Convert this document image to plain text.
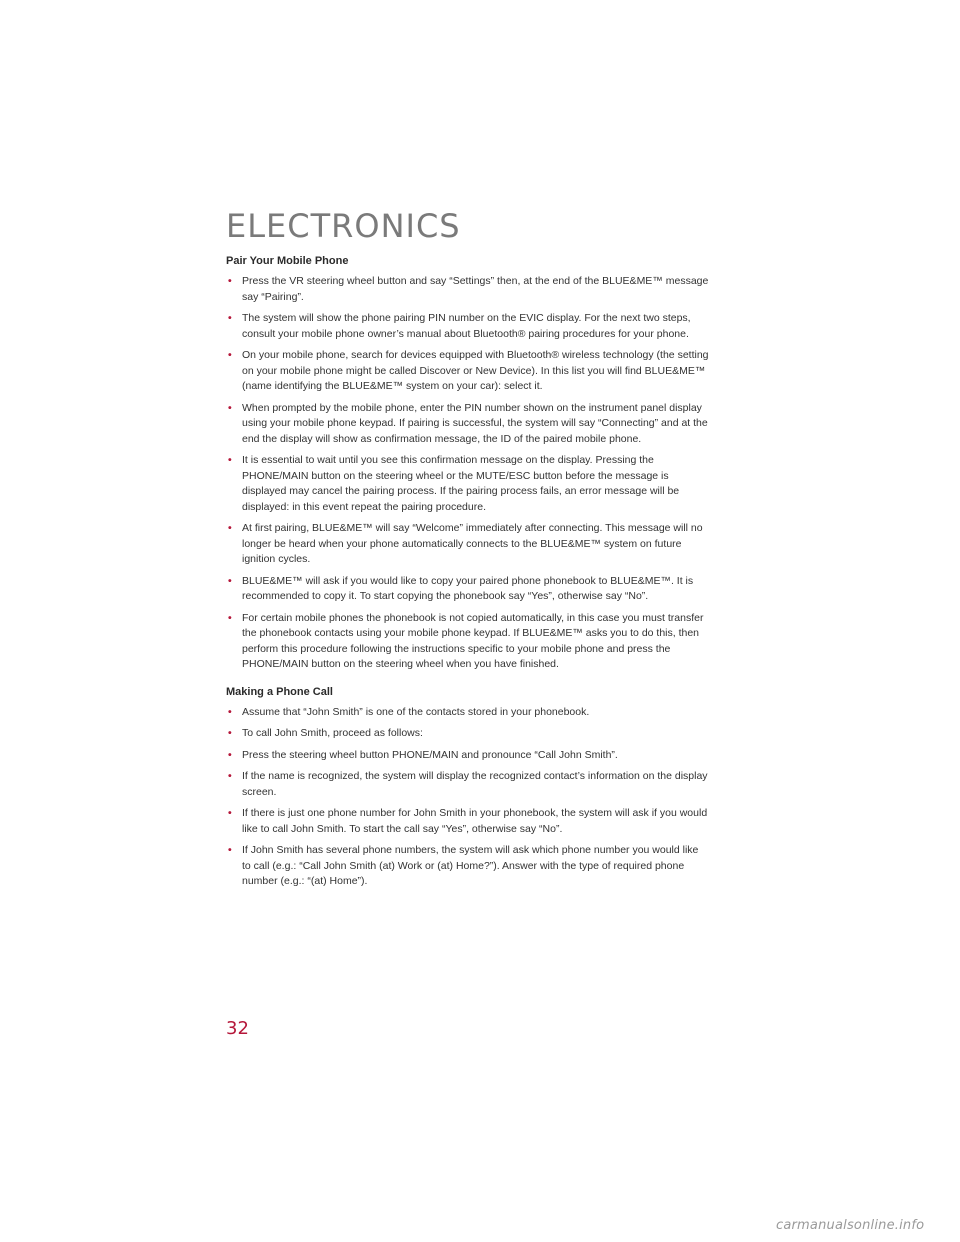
ELECTRONICS
Pair Your Mobile Phone
• Press the VR steering wheel button and say “Settings” then, at the end of the BLUE&ME™ message say “Pairing”.
• The system will show the phone pairing PIN number on the EVIC display. For the next two steps, consult your mobile phone owner’s manual about Bluetooth® pairing procedures for your phone.
• On your mobile phone, search for devices equipped with Bluetooth® wireless technology (the setting on your mobile phone might be called Discover or New Device). In this list you will find BLUE&ME™ (name identifying the BLUE&ME™ system on your car): select it.
• When prompted by the mobile phone, enter the PIN number shown on the instrument panel display using your mobile phone keypad. If pairing is successful, the system will say “Connecting” and at the end the display will show as confirmation message, the ID of the paired mobile phone.
• It is essential to wait until you see this confirmation message on the display. Pressing the PHONE/MAIN button on the steering wheel or the MUTE/ESC button before the message is displayed may cancel the pairing process. If the pairing process fails, an error message will be displayed: in this event repeat the pairing procedure.
• At first pairing, BLUE&ME™ will say “Welcome” immediately after connecting. This message will no longer be heard when your phone automatically connects to the BLUE&ME™ system on future ignition cycles.
• BLUE&ME™ will ask if you would like to copy your paired phone phonebook to BLUE&ME™. It is recommended to copy it. To start copying the phonebook say “Yes”, otherwise say “No”.
• For certain mobile phones the phonebook is not copied automatically, in this case you must transfer the phonebook contacts using your mobile phone keypad. If BLUE&ME™ asks you to do this, then perform this procedure following the instructions specific to your mobile phone and press the PHONE/MAIN button on the steering wheel when you have finished.
Making a Phone Call
• Assume that “John Smith” is one of the contacts stored in your phonebook.
• To call John Smith, proceed as follows:
• Press the steering wheel button PHONE/MAIN and pronounce “Call John Smith”.
• If the name is recognized, the system will display the recognized contact’s information on the display screen.
• If there is just one phone number for John Smith in your phonebook, the system will ask if you would like to call John Smith. To start the call say “Yes”, otherwise say “No”.
• If John Smith has several phone numbers, the system will ask which phone number you would like to call (e.g.: “Call John Smith (at) Work or (at) Home?”). Answer with the type of required phone number (e.g.: “(at) Home”).
32
carmanualsonline.info
